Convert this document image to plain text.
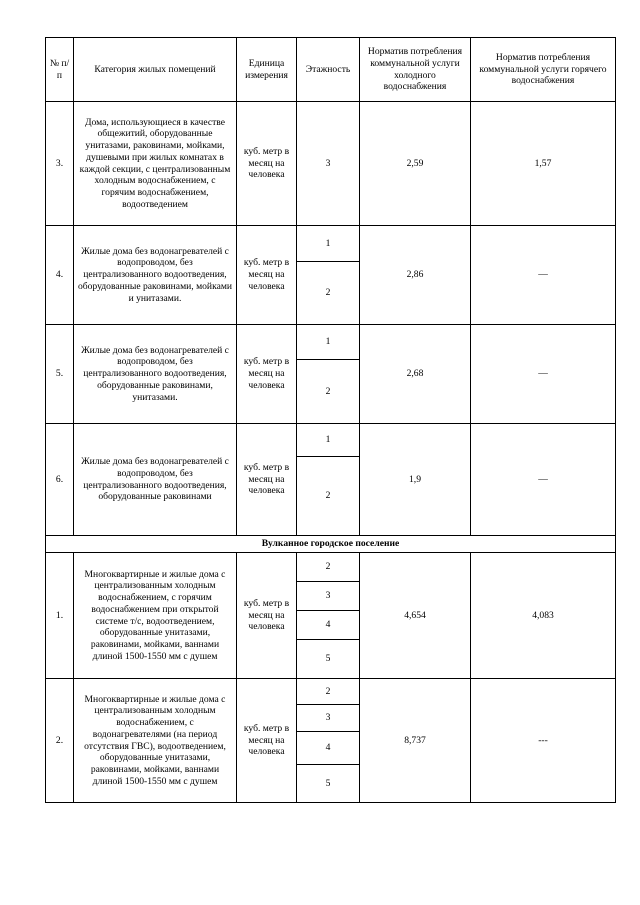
№ п/п	Категория жилых помещений	Единица измерения	Этажность	Норматив потребления коммунальной услуги холодного водоснабжения	Норматив потребления коммунальной услуги горячего водоснабжения
3.	Дома, использующиеся в качестве общежитий, оборудованные унитазами, раковинами, мойками, душевыми при жилых комнатах в каждой секции, с централизованным холодным водоснабжением, с горячим водоснабжением, водоотведением	куб. метр в месяц на человека	3	2,59	1,57
4.	Жилые дома без водонагревателей с водопроводом, без централизованного водоотведения, оборудованные раковинами, мойками и унитазами.	куб. метр в месяц на человека	1	2,86	—
			2		
5.	Жилые дома без водонагревателей с водопроводом, без централизованного водоотведения, оборудованные раковинами, унитазами.	куб. метр в месяц на человека	1	2,68	—
			2		
6.	Жилые дома без водонагревателей с водопроводом, без централизованного водоотведения, оборудованные раковинами	куб. метр в месяц на человека	1	1,9	—
			2		
Вулканное городское поселение					
1.	Многоквартирные и жилые дома с централизованным холодным водоснабжением, с горячим водоснабжением при открытой системе т/с, водоотведением, оборудованные унитазами, раковинами, мойками, ваннами длиной 1500-1550 мм с душем	куб. метр в месяц на человека	2	4,654	4,083
			3		
			4		
			5		
2.	Многоквартирные и жилые дома с централизованным холодным водоснабжением, с водонагревателями (на период отсутствия ГВС), водоотведением, оборудованные унитазами, раковинами, мойками, ваннами длиной 1500-1550 мм с душем	куб. метр в месяц на человека	2	8,737	---
			3		
			4		
			5		
